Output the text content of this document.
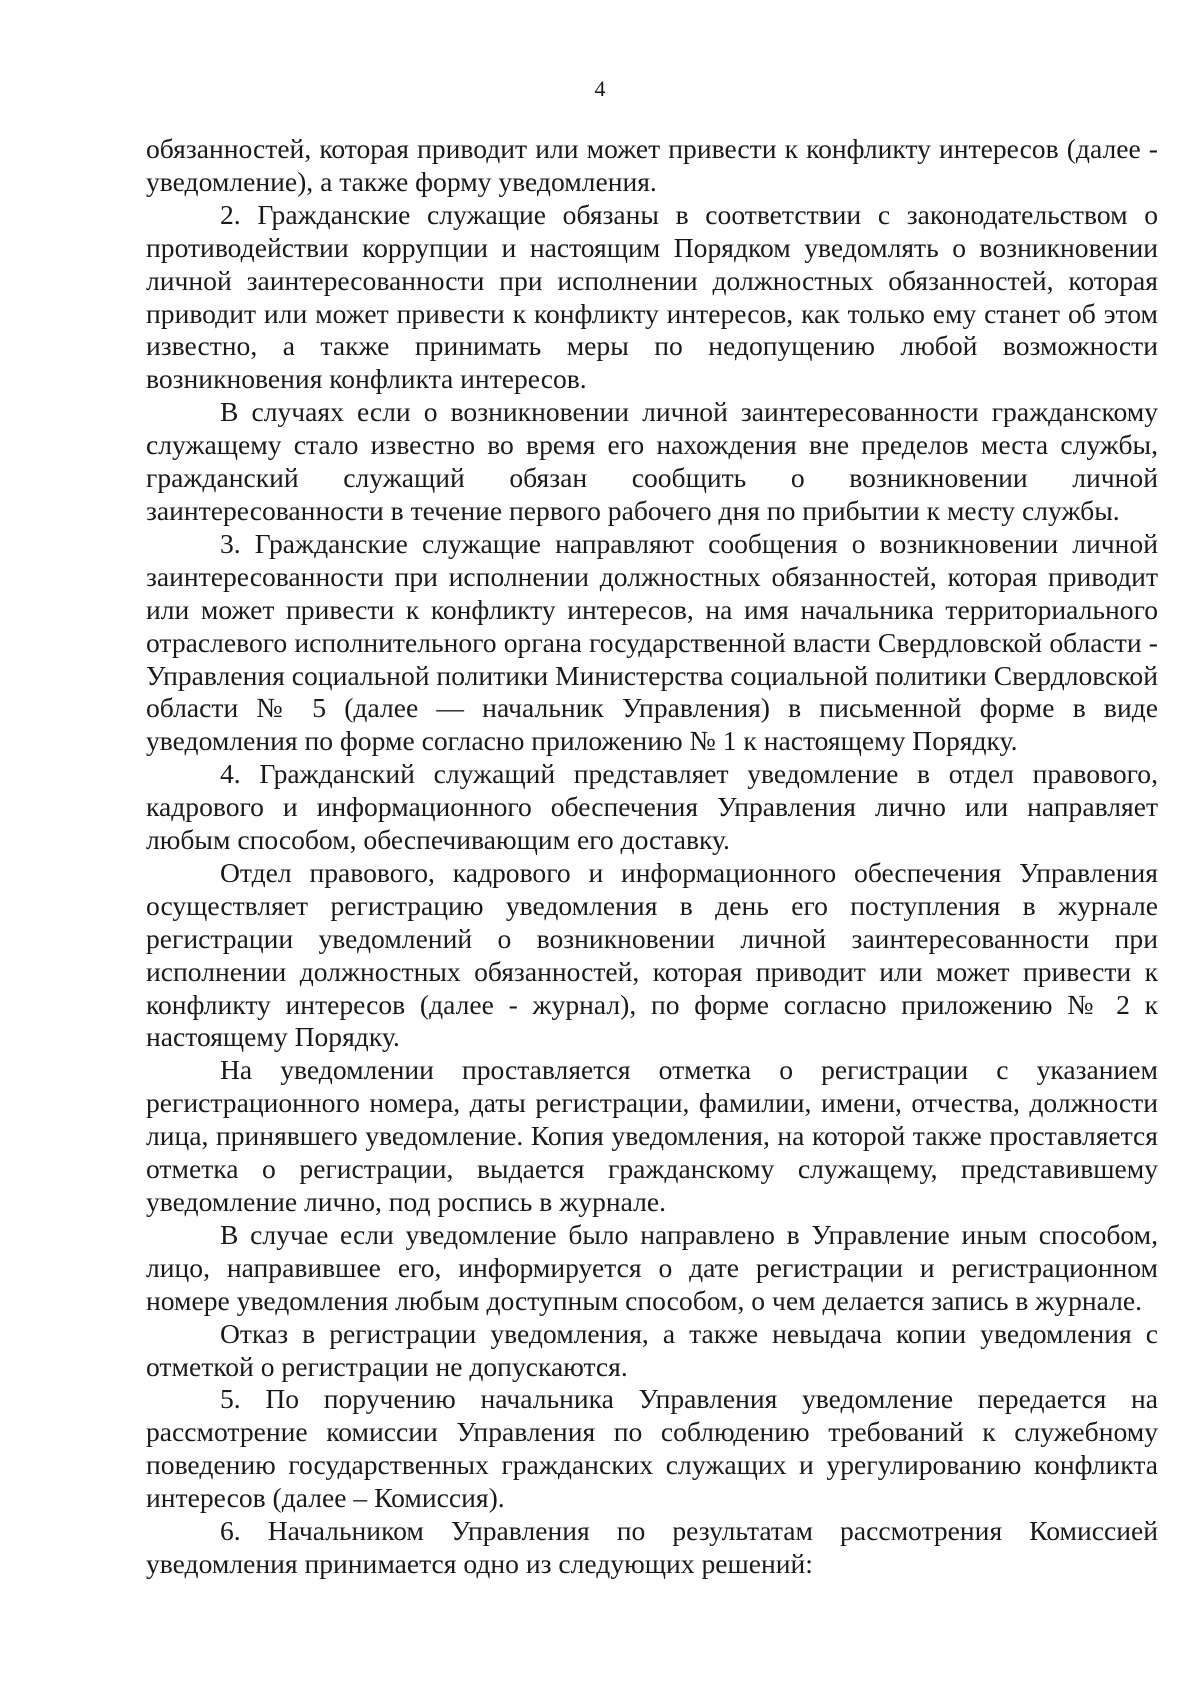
4

обязанностей, которая приводит или может привести к конфликту интересов (далее - уведомление), а также форму уведомления.

2. Гражданские служащие обязаны в соответствии с законодательством о противодействии коррупции и настоящим Порядком уведомлять о возникновении личной заинтересованности при исполнении должностных обязанностей, которая приводит или может привести к конфликту интересов, как только ему станет об этом известно, а также принимать меры по недопущению любой возможности возникновения конфликта интересов.

В случаях если о возникновении личной заинтересованности гражданскому служащему стало известно во время его нахождения вне пределов места службы, гражданский служащий обязан сообщить о возникновении личной заинтересованности в течение первого рабочего дня по прибытии к месту службы.

3. Гражданские служащие направляют сообщения о возникновении личной заинтересованности при исполнении должностных обязанностей, которая приводит или может привести к конфликту интересов, на имя начальника территориального отраслевого исполнительного органа государственной власти Свердловской области - Управления социальной политики Министерства социальной политики Свердловской области № 5 (далее — начальник Управления) в письменной форме в виде уведомления по форме согласно приложению № 1 к настоящему Порядку.

4. Гражданский служащий представляет уведомление в отдел правового, кадрового и информационного обеспечения Управления лично или направляет любым способом, обеспечивающим его доставку.

Отдел правового, кадрового и информационного обеспечения Управления осуществляет регистрацию уведомления в день его поступления в журнале регистрации уведомлений о возникновении личной заинтересованности при исполнении должностных обязанностей, которая приводит или может привести к конфликту интересов (далее - журнал), по форме согласно приложению № 2 к настоящему Порядку.

На уведомлении проставляется отметка о регистрации с указанием регистрационного номера, даты регистрации, фамилии, имени, отчества, должности лица, принявшего уведомление. Копия уведомления, на которой также проставляется отметка о регистрации, выдается гражданскому служащему, представившему уведомление лично, под роспись в журнале.

В случае если уведомление было направлено в Управление иным способом, лицо, направившее его, информируется о дате регистрации и регистрационном номере уведомления любым доступным способом, о чем делается запись в журнале.

Отказ в регистрации уведомления, а также невыдача копии уведомления с отметкой о регистрации не допускаются.

5. По поручению начальника Управления уведомление передается на рассмотрение комиссии Управления по соблюдению требований к служебному поведению государственных гражданских служащих и урегулированию конфликта интересов (далее – Комиссия).

6. Начальником Управления по результатам рассмотрения Комиссией уведомления принимается одно из следующих решений:
